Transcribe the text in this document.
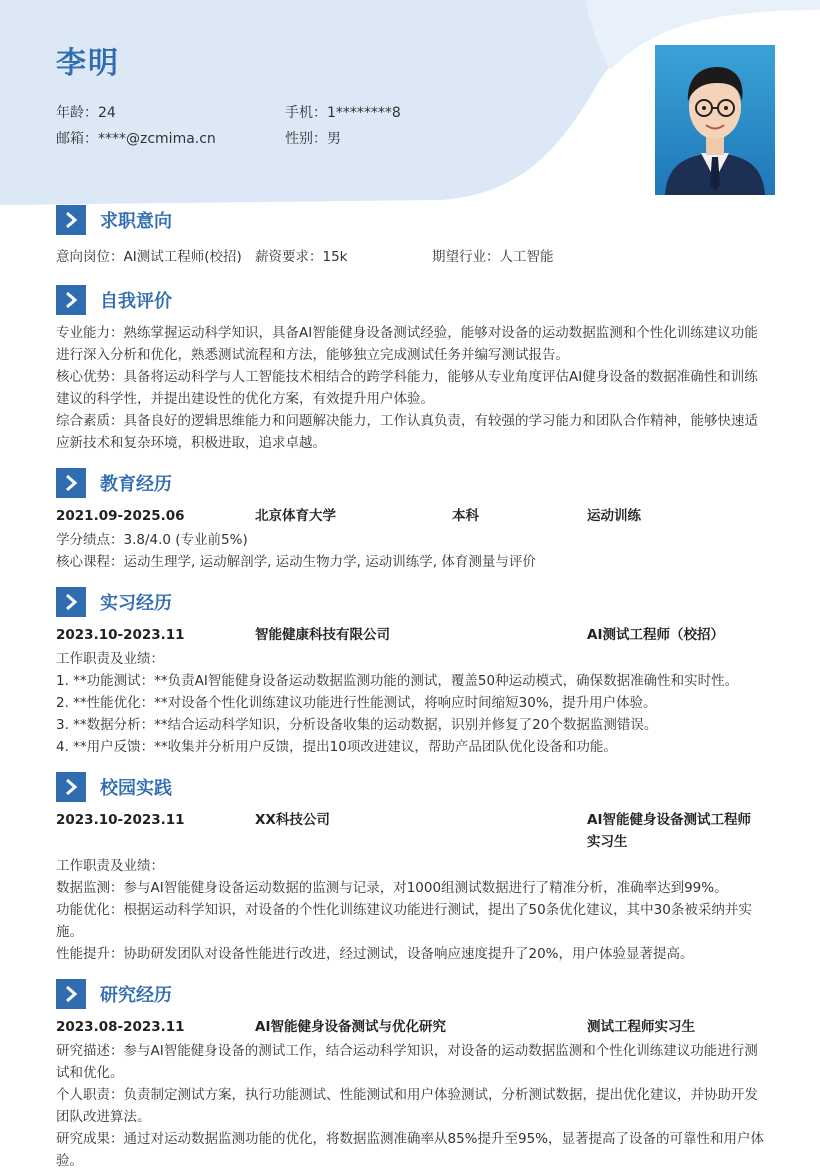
李明
年龄：24	手机：1********8
邮箱：****@zcmima.cn	性别：男
求职意向
意向岗位：AI测试工程师(校招) 薪资要求：15k	期望行业：人工智能
自我评价
专业能力：熟练掌握运动科学知识，具备AI智能健身设备测试经验，能够对设备的运动数据监测和个性化训练建议功能进行深入分析和优化，熟悉测试流程和方法，能够独立完成测试任务并编写测试报告。
核心优势：具备将运动科学与人工智能技术相结合的跨学科能力，能够从专业角度评估AI健身设备的数据准确性和训练建议的科学性，并提出建设性的优化方案，有效提升用户体验。
综合素质：具备良好的逻辑思维能力和问题解决能力，工作认真负责，有较强的学习能力和团队合作精神，能够快速适应新技术和复杂环境，积极进取，追求卓越。
教育经历
2021.09-2025.06	北京体育大学	本科	运动训练
学分绩点：3.8/4.0 (专业前5%)
核心课程：运动生理学, 运动解剖学, 运动生物力学, 运动训练学, 体育测量与评价
实习经历
2023.10-2023.11	智能健康科技有限公司	AI测试工程师（校招）
工作职责及业绩：
1. **功能测试：**负责AI智能健身设备运动数据监测功能的测试，覆盖50种运动模式，确保数据准确性和实时性。
2. **性能优化：**对设备个性化训练建议功能进行性能测试，将响应时间缩短30%，提升用户体验。
3. **数据分析：**结合运动科学知识，分析设备收集的运动数据，识别并修复了20个数据监测错误。
4. **用户反馈：**收集并分析用户反馈，提出10项改进建议，帮助产品团队优化设备和功能。
校园实践
2023.10-2023.11	XX科技公司	AI智能健身设备测试工程师
实习生
工作职责及业绩：
数据监测：参与AI智能健身设备运动数据的监测与记录，对1000组测试数据进行了精准分析，准确率达到99%。
功能优化：根据运动科学知识，对设备的个性化训练建议功能进行测试，提出了50条优化建议，其中30条被采纳并实施。
性能提升：协助研发团队对设备性能进行改进，经过测试，设备响应速度提升了20%，用户体验显著提高。
研究经历
2023.08-2023.11	AI智能健身设备测试与优化研究	测试工程师实习生
研究描述：参与AI智能健身设备的测试工作，结合运动科学知识，对设备的运动数据监测和个性化训练建议功能进行测试和优化。
个人职责：负责制定测试方案，执行功能测试、性能测试和用户体验测试，分析测试数据，提出优化建议，并协助开发团队改进算法。
研究成果：通过对运动数据监测功能的优化，将数据监测准确率从85%提升至95%，显著提高了设备的可靠性和用户体验。
